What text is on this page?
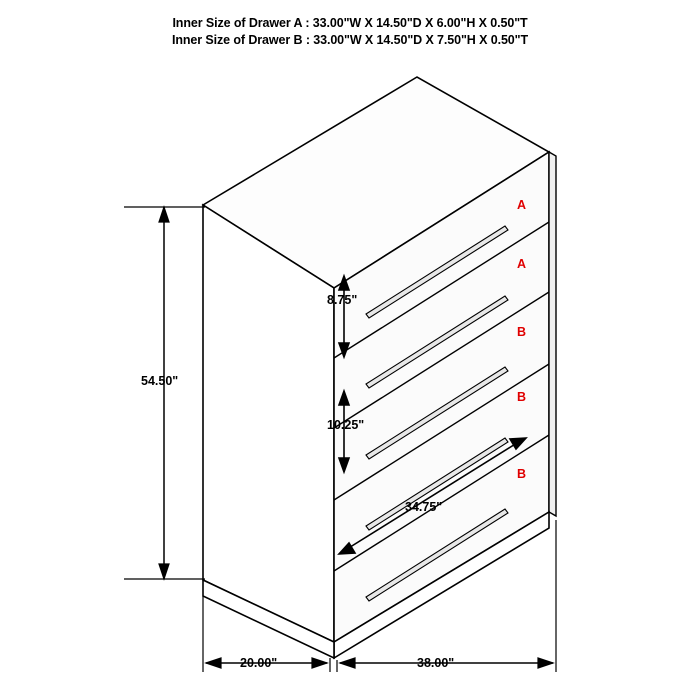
Inner Size of Drawer A : 33.00"W X 14.50"D X 6.00"H X 0.50"T
Inner Size of Drawer B : 33.00"W X 14.50"D X 7.50"H X 0.50"T
8.75"
10.25"
34.75"
54.50"
20.00"	38.00"
A
A
B
B
B
